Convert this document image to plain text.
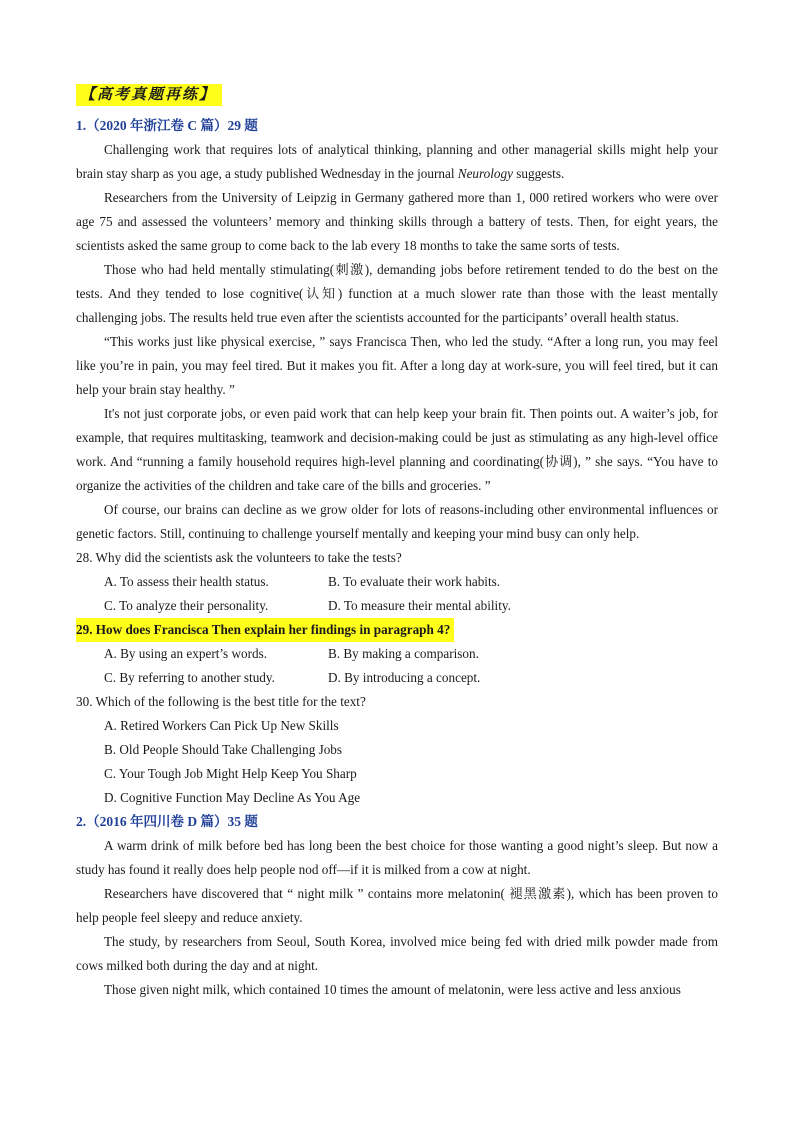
【高考真题再练】
1.（2020 年浙江卷 C 篇）29 题

Challenging work that requires lots of analytical thinking, planning and other managerial skills might help your brain stay sharp as you age, a study published Wednesday in the journal Neurology suggests.

Researchers from the University of Leipzig in Germany gathered more than 1, 000 retired workers who were over age 75 and assessed the volunteers’ memory and thinking skills through a battery of tests. Then, for eight years, the scientists asked the same group to come back to the lab every 18 months to take the same sorts of tests.

Those who had held mentally stimulating(刺激), demanding jobs before retirement tended to do the best on the tests. And they tended to lose cognitive(认知) function at a much slower rate than those with the least mentally challenging jobs. The results held true even after the scientists accounted for the participants’ overall health status.

“This works just like physical exercise, ” says Francisca Then, who led the study. “After a long run, you may feel like you’re in pain, you may feel tired. But it makes you fit. After a long day at work-sure, you will feel tired, but it can help your brain stay healthy. ”

It's not just corporate jobs, or even paid work that can help keep your brain fit. Then points out. A waiter’s job, for example, that requires multitasking, teamwork and decision-making could be just as stimulating as any high-level office work. And “running a family household requires high-level planning and coordinating(协调), ” she says. “You have to organize the activities of the children and take care of the bills and groceries. ”

Of course, our brains can decline as we grow older for lots of reasons-including other environmental influences or genetic factors. Still, continuing to challenge yourself mentally and keeping your mind busy can only help.

28. Why did the scientists ask the volunteers to take the tests?
A. To assess their health status.	B. To evaluate their work habits.
C. To analyze their personality.	D. To measure their mental ability.
29. How does Francisca Then explain her findings in paragraph 4?
A. By using an expert’s words.	B. By making a comparison.
C. By referring to another study.	D. By introducing a concept.
30. Which of the following is the best title for the text?
A. Retired Workers Can Pick Up New Skills
B. Old People Should Take Challenging Jobs
C. Your Tough Job Might Help Keep You Sharp
D. Cognitive Function May Decline As You Age
2.（2016 年四川卷 D 篇）35 题

A warm drink of milk before bed has long been the best choice for those wanting a good night’s sleep. But now a study has found it really does help people nod off—if it is milked from a cow at night.

Researchers have discovered that “ night milk ” contains more melatonin( 褪黑激素), which has been proven to help people feel sleepy and reduce anxiety.

The study, by researchers from Seoul, South Korea, involved mice being fed with dried milk powder made from cows milked both during the day and at night.

Those given night milk, which contained 10 times the amount of melatonin, were less active and less anxious
